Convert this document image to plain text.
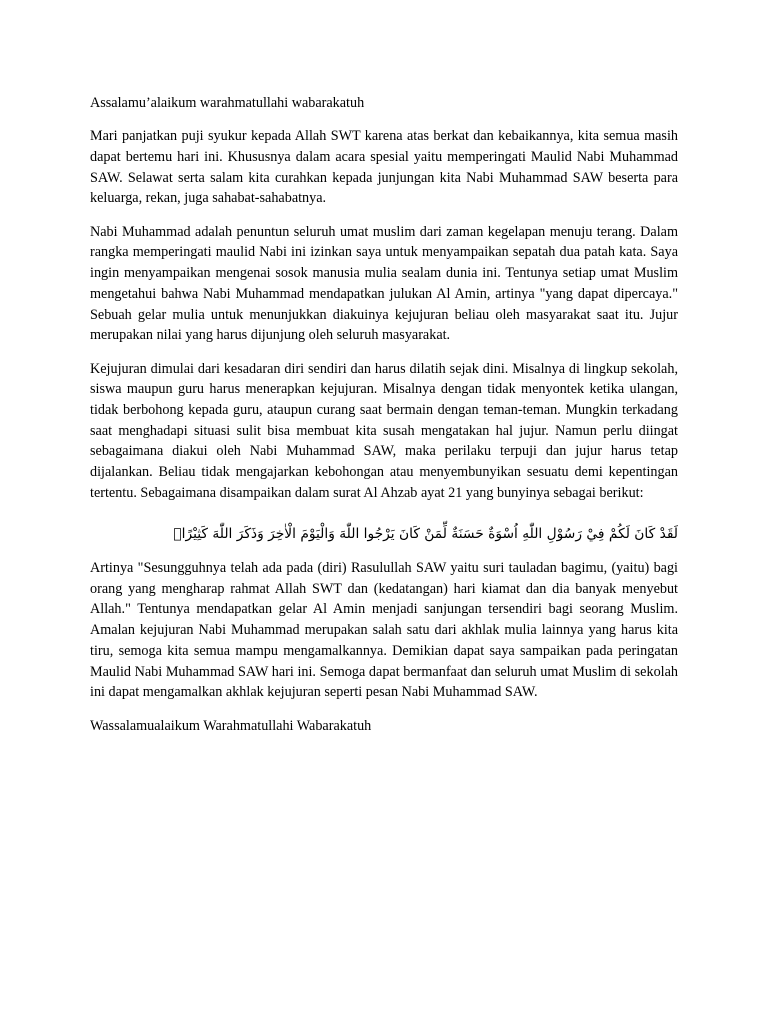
Assalamu’alaikum warahmatullahi wabarakatuh

Mari panjatkan puji syukur kepada Allah SWT karena atas berkat dan kebaikannya, kita semua masih dapat bertemu hari ini. Khususnya dalam acara spesial yaitu memperingati Maulid Nabi Muhammad SAW. Selawat serta salam kita curahkan kepada junjungan kita Nabi Muhammad SAW beserta para keluarga, rekan, juga sahabat-sahabatnya.

Nabi Muhammad adalah penuntun seluruh umat muslim dari zaman kegelapan menuju terang. Dalam rangka memperingati maulid Nabi ini izinkan saya untuk menyampaikan sepatah dua patah kata. Saya ingin menyampaikan mengenai sosok manusia mulia sealam dunia ini. Tentunya setiap umat Muslim mengetahui bahwa Nabi Muhammad mendapatkan julukan Al Amin, artinya "yang dapat dipercaya." Sebuah gelar mulia untuk menunjukkan diakuinya kejujuran beliau oleh masyarakat saat itu. Jujur merupakan nilai yang harus dijunjung oleh seluruh masyarakat.

Kejujuran dimulai dari kesadaran diri sendiri dan harus dilatih sejak dini. Misalnya di lingkup sekolah, siswa maupun guru harus menerapkan kejujuran. Misalnya dengan tidak menyontek ketika ulangan, tidak berbohong kepada guru, ataupun curang saat bermain dengan teman-teman. Mungkin terkadang saat menghadapi situasi sulit bisa membuat kita susah mengatakan hal jujur. Namun perlu diingat sebagaimana diakui oleh Nabi Muhammad SAW, maka perilaku terpuji dan jujur harus tetap dijalankan. Beliau tidak mengajarkan kebohongan atau menyembunyikan sesuatu demi kepentingan tertentu. Sebagaimana disampaikan dalam surat Al Ahzab ayat 21 yang bunyinya sebagai berikut:

لَقَدْ كَانَ لَكُمْ فِيْ رَسُوْلِ اللّٰهِ اُسْوَةٌ حَسَنَةٌ لِّمَنْ كَانَ يَرْجُوا اللّٰهَ وَالْيَوْمَ الْاٰخِرَ وَذَكَرَ اللّٰهَ كَثِيْرًاۗ

Artinya "Sesungguhnya telah ada pada (diri) Rasulullah SAW yaitu suri tauladan bagimu, (yaitu) bagi orang yang mengharap rahmat Allah SWT dan (kedatangan) hari kiamat dan dia banyak menyebut Allah." Tentunya mendapatkan gelar Al Amin menjadi sanjungan tersendiri bagi seorang Muslim. Amalan kejujuran Nabi Muhammad merupakan salah satu dari akhlak mulia lainnya yang harus kita tiru, semoga kita semua mampu mengamalkannya. Demikian dapat saya sampaikan pada peringatan Maulid Nabi Muhammad SAW hari ini. Semoga dapat bermanfaat dan seluruh umat Muslim di sekolah ini dapat mengamalkan akhlak kejujuran seperti pesan Nabi Muhammad SAW.

Wassalamualaikum Warahmatullahi Wabarakatuh
